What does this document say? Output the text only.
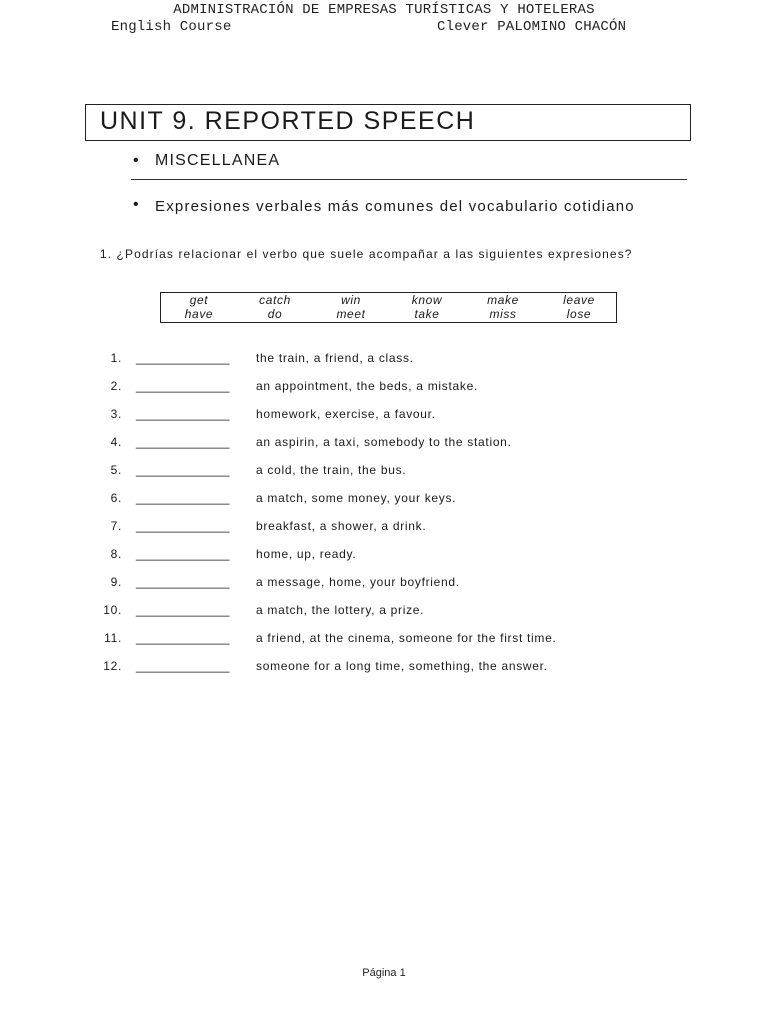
ADMINISTRACIÓN DE EMPRESAS TURÍSTICAS Y HOTELERAS
English Course	Clever PALOMINO CHACÓN
UNIT 9. REPORTED SPEECH
• MISCELLANEA
• Expresiones verbales más comunes del vocabulario cotidiano
1. ¿Podrías relacionar el verbo que suele acompañar a las siguientes expresiones?
get	catch	win	know	make	leave
have	do	meet	take	miss	lose
1. ______________ the train, a friend, a class.
2. ______________ an appointment, the beds, a mistake.
3. ______________ homework, exercise, a favour.
4. ______________ an aspirin, a taxi, somebody to the station.
5. ______________ a cold, the train, the bus.
6. ______________ a match, some money, your keys.
7. ______________ breakfast, a shower, a drink.
8. ______________ home, up, ready.
9. ______________ a message, home, your boyfriend.
10. ______________ a match, the lottery, a prize.
11. ______________ a friend, at the cinema, someone for the first time.
12. ______________ someone for a long time, something, the answer.
Página 1
